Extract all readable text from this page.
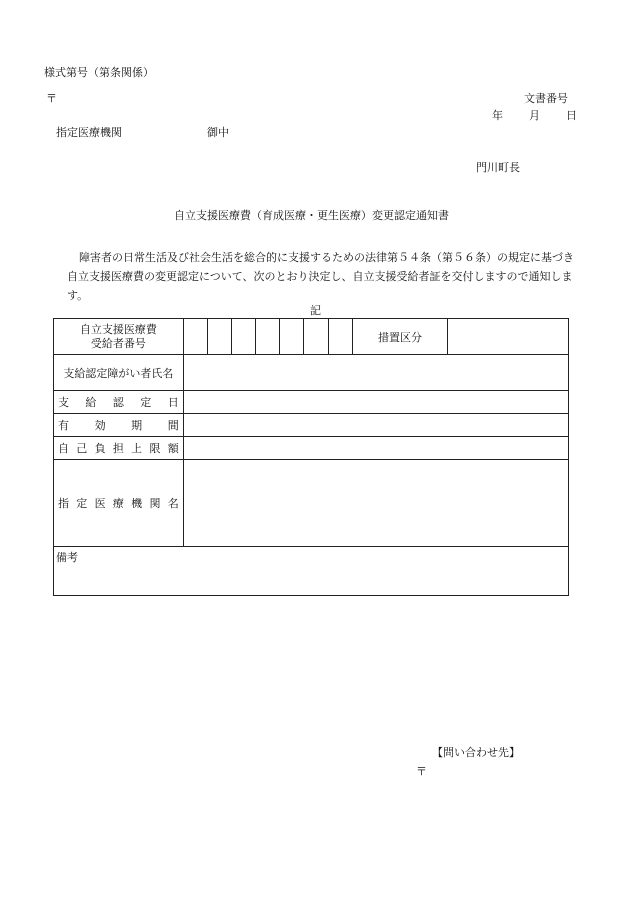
様式第号（第条関係）
〒	文書番号
年 月 日
指定医療機関	御中
門川町長
自立支援医療費（育成医療・更生医療）変更認定通知書
障害者の日常生活及び社会生活を総合的に支援するための法律第５４条（第５６条）の規定に基づき自立支援医療費の変更認定について、次のとおり決定し、自立支援受給者証を交付しますので通知します。
記
自立支援医療費
受給者番号								措置区分	
支給認定障がい者氏名									
支給認定日									
有効期間									
自己負担上限額									
指定医療機関名									
備考									
【問い合わせ先】
〒
